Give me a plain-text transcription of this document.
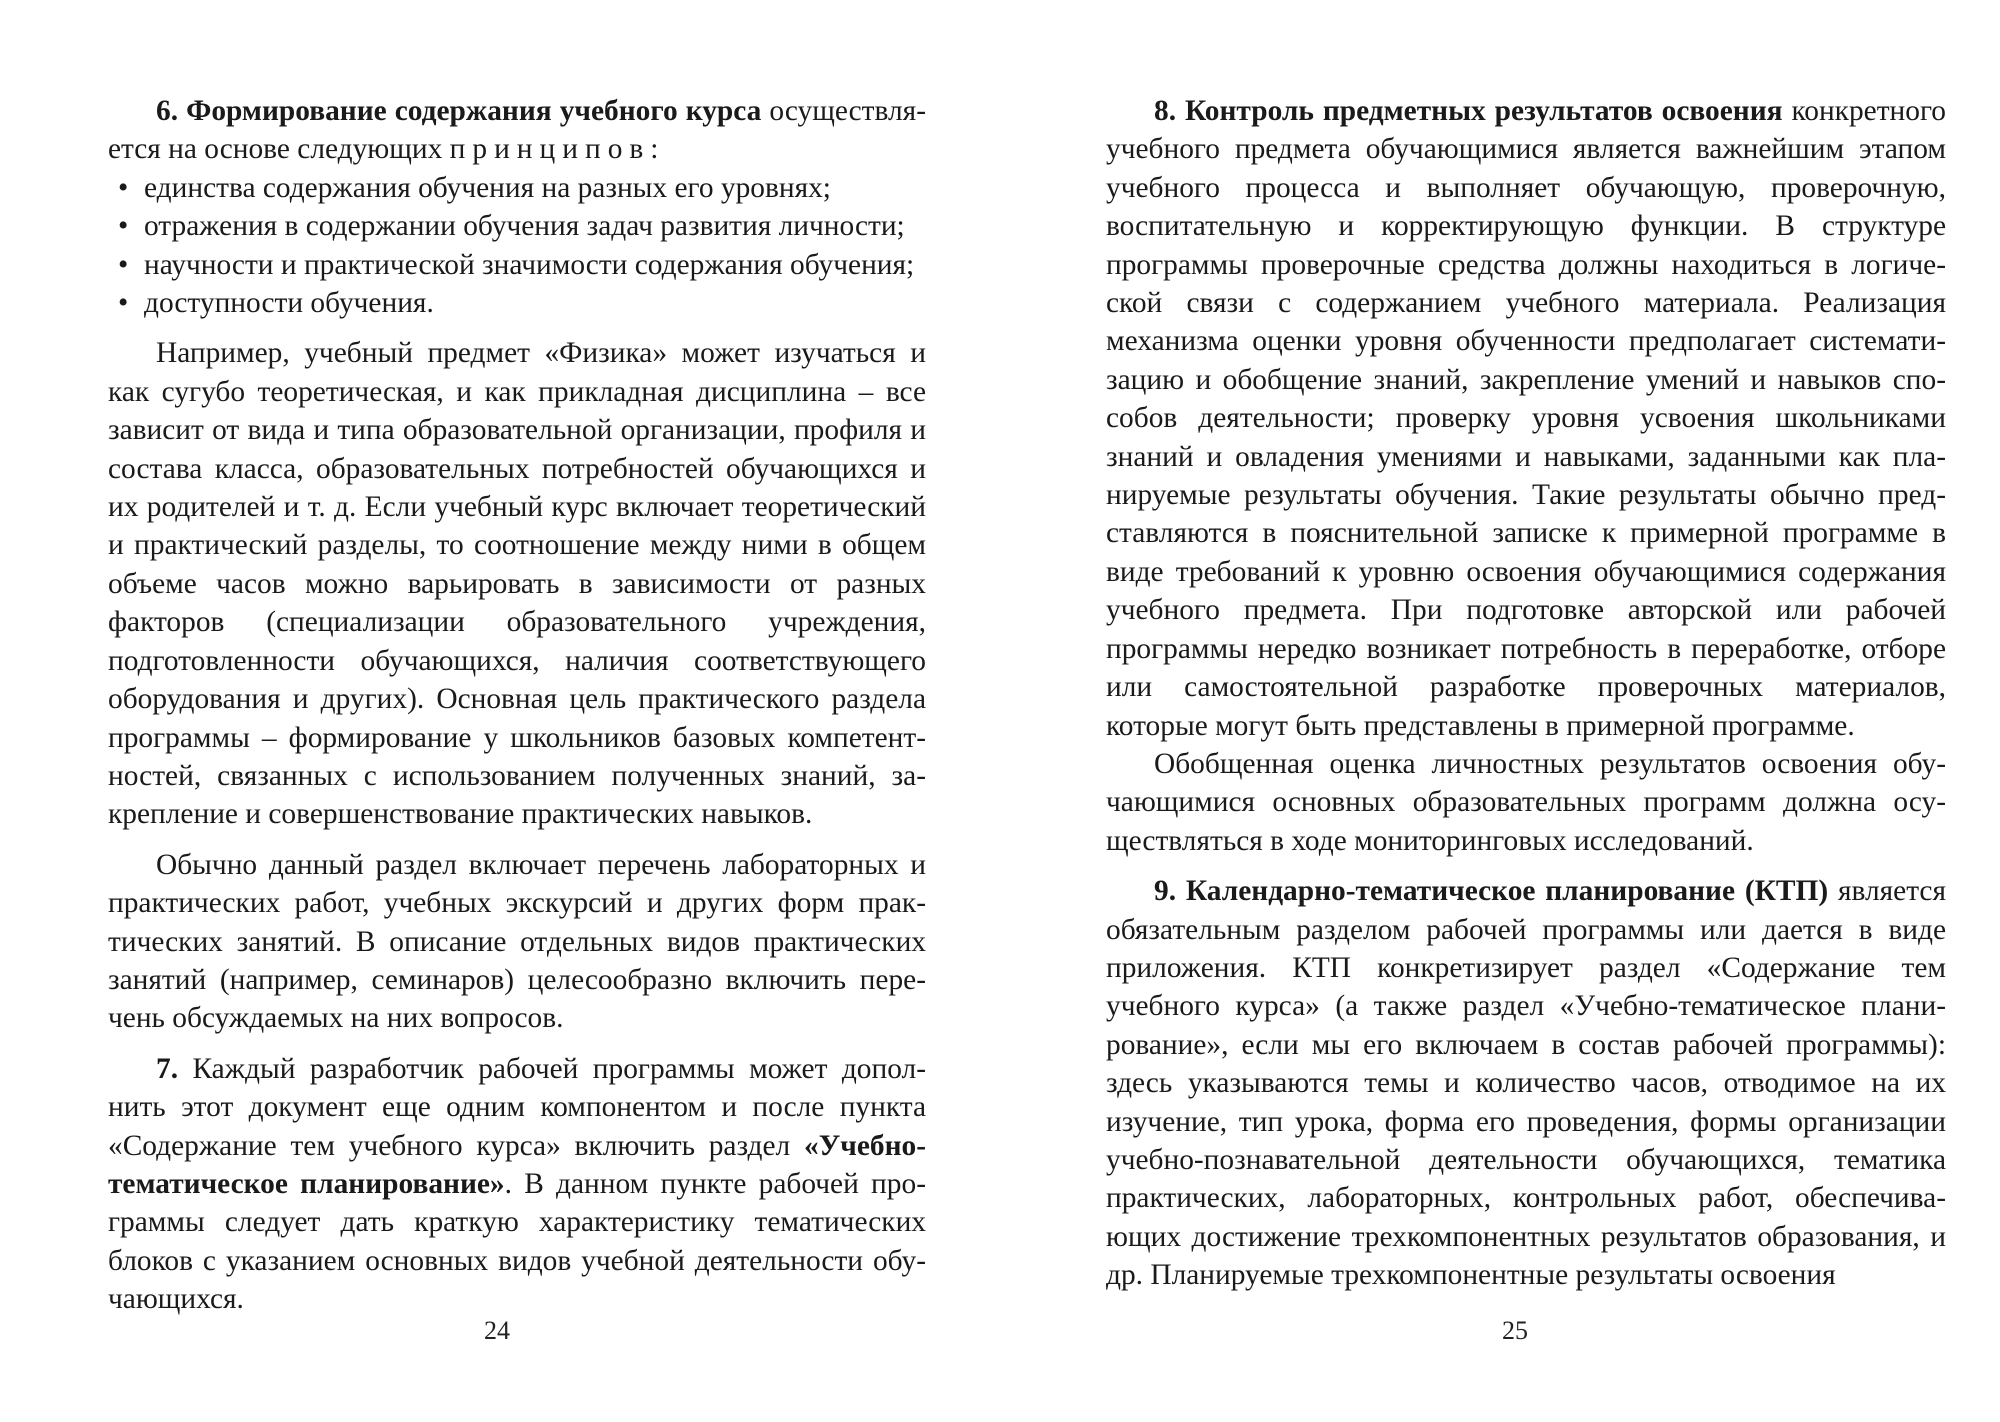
6. Формирование содержания учебного курса осуществляется на основе следующих принципов:

• единства содержания обучения на разных его уровнях;
• отражения в содержании обучения задач развития личности;
• научности и практической значимости содержания обучения;
• доступности обучения.

Например, учебный предмет «Физика» может изучаться и как сугубо теоретическая, и как прикладная дисциплина – все зависит от вида и типа образовательной организации, профиля и состава класса, образовательных потребностей обучающихся и их родителей и т. д. Если учебный курс включает теоретический и практический разделы, то соотношение между ними в общем объеме часов можно варьировать в зависимости от разных факторов (специализации образовательного учреждения, подготовленности обучающихся, наличия соответствующего оборудования и других). Основная цель практического раздела программы – формирование у школьников базовых компетентностей, связанных с использованием полученных знаний, закрепление и совершенствование практических навыков.

Обычно данный раздел включает перечень лабораторных и практических работ, учебных экскурсий и других форм практических занятий. В описание отдельных видов практических занятий (например, семинаров) целесообразно включить перечень обсуждаемых на них вопросов.

7. Каждый разработчик рабочей программы может дополнить этот документ еще одним компонентом и после пункта «Содержание тем учебного курса» включить раздел «Учебно-тематическое планирование». В данном пункте рабочей программы следует дать краткую характеристику тематических блоков с указанием основных видов учебной деятельности обучающихся.

24

8. Контроль предметных результатов освоения конкретного учебного предмета обучающимися является важнейшим этапом учебного процесса и выполняет обучающую, проверочную, воспитательную и корректирующую функции. В структуре программы проверочные средства должны находиться в логической связи с содержанием учебного материала. Реализация механизма оценки уровня обученности предполагает систематизацию и обобщение знаний, закрепление умений и навыков способов деятельности; проверку уровня усвоения школьниками знаний и овладения умениями и навыками, заданными как планируемые результаты обучения. Такие результаты обычно представляются в пояснительной записке к примерной программе в виде требований к уровню освоения обучающимися содержания учебного предмета. При подготовке авторской или рабочей программы нередко возникает потребность в переработке, отборе или самостоятельной разработке проверочных материалов, которые могут быть представлены в примерной программе.

Обобщенная оценка личностных результатов освоения обучающимися основных образовательных программ должна осуществляться в ходе мониторинговых исследований.

9. Календарно-тематическое планирование (КТП) является обязательным разделом рабочей программы или дается в виде приложения. КТП конкретизирует раздел «Содержание тем учебного курса» (а также раздел «Учебно-тематическое планирование», если мы его включаем в состав рабочей программы): здесь указываются темы и количество часов, отводимое на их изучение, тип урока, форма его проведения, формы организации учебно-познавательной деятельности обучающихся, тематика практических, лабораторных, контрольных работ, обеспечивающих достижение трехкомпонентных результатов образования, и др. Планируемые трехкомпонентные результаты освоения

25
